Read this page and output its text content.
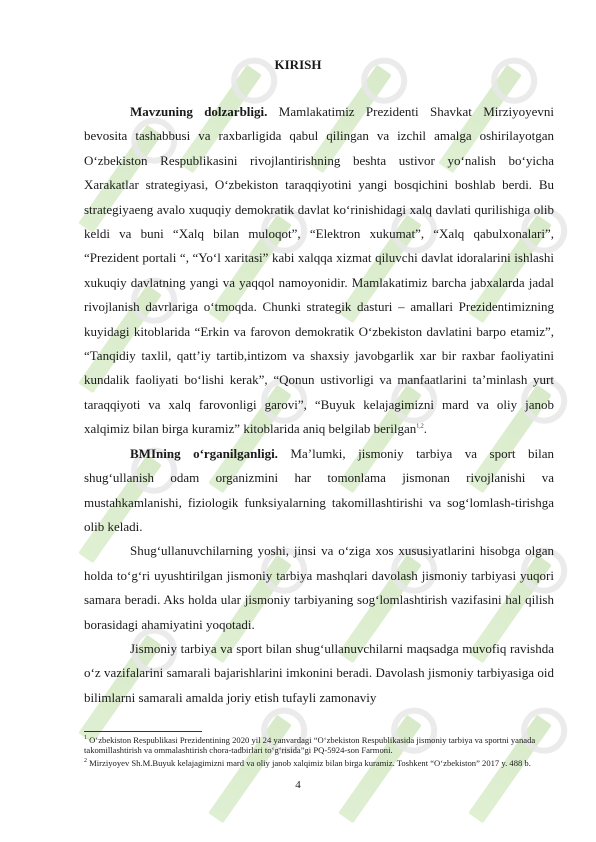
KIRISH

Mavzuning dolzarbligi. Mamlakatimiz Prezidenti Shavkat Mirziyoyevni bevosita tashabbusi va raxbarligida qabul qilingan va izchil amalga oshirilayotgan O‘zbekiston Respublikasini rivojlantirishning beshta ustivor yo‘nalish bo‘yicha Xarakatlar strategiyasi, O‘zbekiston taraqqiyotini yangi bosqichini boshlab berdi. Bu strategiyaeng avalo xuquqiy demokratik davlat ko‘rinishidagi xalq davlati qurilishiga olib keldi va buni “Xalq bilan muloqot”, “Elektron xukumat”, “Xalq qabulxonalari”, “Prezident portali “, “Yo‘l xaritasi” kabi xalqqa xizmat qiluvchi davlat idoralarini ishlashi xukuqiy davlatning yangi va yaqqol namoyonidir. Mamlakatimiz barcha jabxalarda jadal rivojlanish davrlariga o‘tmoqda. Chunki strategik dasturi – amallari Prezidentimizning kuyidagi kitoblarida “Erkin va farovon demokratik O‘zbekiston davlatini barpo etamiz”, “Tanqidiy taxlil, qatt’iy tartib,intizom va shaxsiy javobgarlik xar bir raxbar faoliyatini kundalik faoliyati bo‘lishi kerak”, “Qonun ustivorligi va manfaatlarini ta’minlash yurt taraqqiyoti va xalq farovonligi garovi”, “Buyuk kelajagimizni mard va oliy janob xalqimiz bilan birga kuramiz” kitoblarida aniq belgilab berilgan$^{1,2}$.

BMIning o‘rganilganligi. Ma’lumki, jismoniy tarbiya va sport bilan shug‘ullanish odam organizmini har tomonlama jismonan rivojlanishi va mustahkamlanishi, fiziologik funksiyalarning takomillashtirishi va sog‘lomlash-tirishga olib keladi.

Shug‘ullanuvchilarning yoshi, jinsi va o‘ziga xos xususiyatlarini hisobga olgan holda to‘g‘ri uyushtirilgan jismoniy tarbiya mashqlari davolash jismoniy tarbiyasi yuqori samara beradi. Aks holda ular jismoniy tarbiyaning sog‘lomlashtirish vazifasini hal qilish borasidagi ahamiyatini yoqotadi.

Jismoniy tarbiya va sport bilan shug‘ullanuvchilarni maqsadga muvofiq ravishda o‘z vazifalarini samarali bajarishlarini imkonini beradi. Davolash jismoniy tarbiyasiga oid bilimlarni samarali amalda joriy etish tufayli zamonaviy

$^1$ O‘zbekiston Respublikasi Prezidentining 2020 yil 24 yanvardagi “O‘zbekiston Respublikasida jismoniy tarbiya va sportni yanada takomillashtirish va ommalashtirish chora-tadbirlari to‘g‘risida”gi PQ-5924-son Farmoni.
$^2$ Mirziyoyev Sh.M.Buyuk kelajagimizni mard va oliy janob xalqimiz bilan birga kuramiz. Toshkent “O‘zbekiston” 2017 y. 488 b.
4
